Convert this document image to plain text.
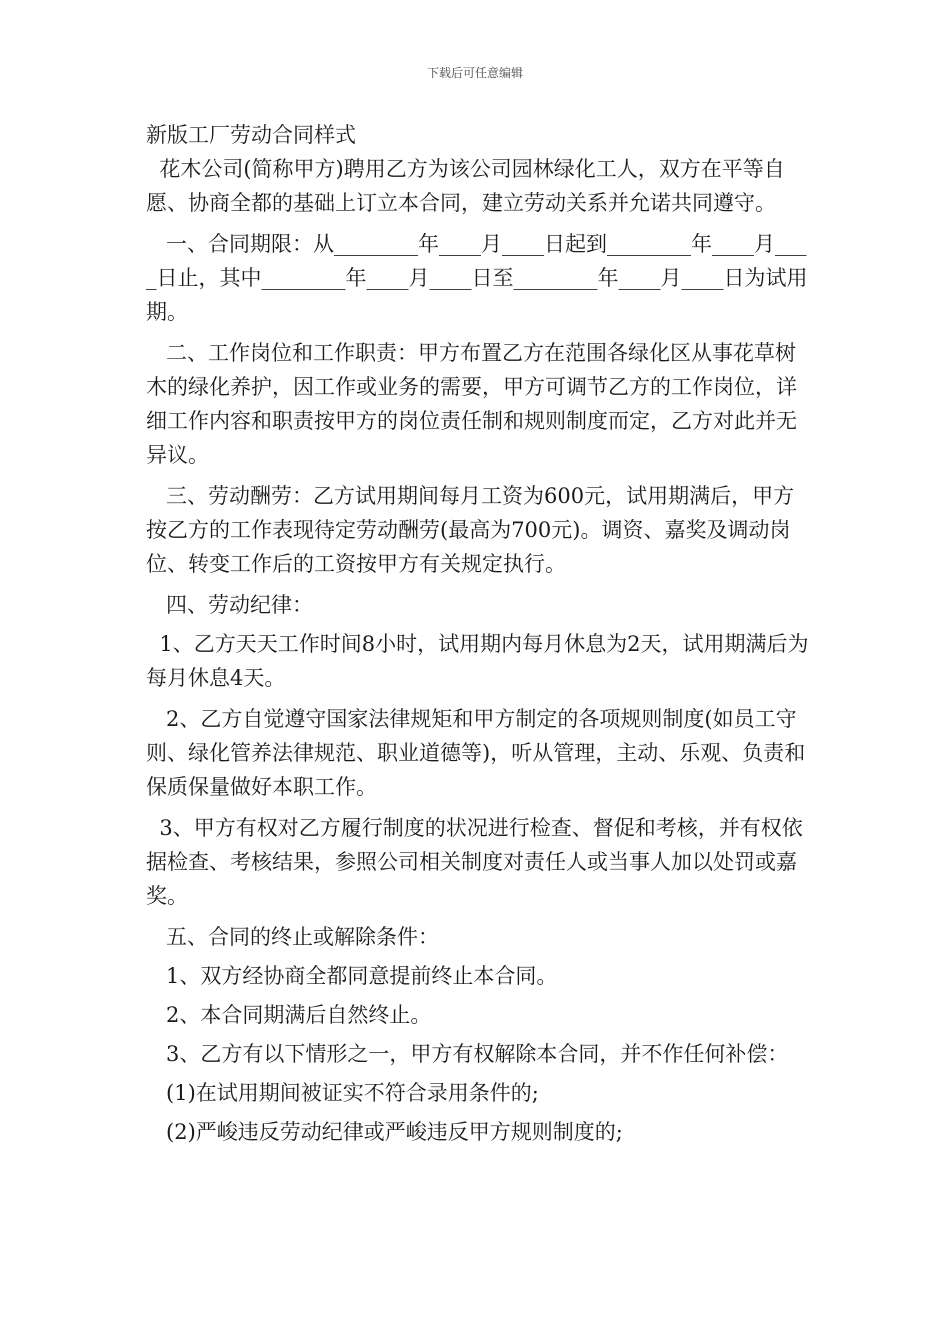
下载后可任意编辑
新版工厂劳动合同样式

花木公司(简称甲方)聘用乙方为该公司园林绿化工人，双方在平等自愿、协商全都的基础上订立本合同，建立劳动关系并允诺共同遵守。

一、合同期限：从________年____月____日起到________年____月____日止，其中________年____月____日至________年____月____日为试用期。

二、工作岗位和工作职责：甲方布置乙方在范围各绿化区从事花草树木的绿化养护，因工作或业务的需要，甲方可调节乙方的工作岗位，详细工作内容和职责按甲方的岗位责任制和规则制度而定，乙方对此并无异议。

三、劳动酬劳：乙方试用期间每月工资为600元，试用期满后，甲方按乙方的工作表现待定劳动酬劳(最高为700元)。调资、嘉奖及调动岗位、转变工作后的工资按甲方有关规定执行。

四、劳动纪律：

1、乙方天天工作时间8小时，试用期内每月休息为2天，试用期满后为每月休息4天。

2、乙方自觉遵守国家法律规矩和甲方制定的各项规则制度(如员工守则、绿化管养法律规范、职业道德等)，听从管理，主动、乐观、负责和保质保量做好本职工作。

3、甲方有权对乙方履行制度的状况进行检查、督促和考核，并有权依据检查、考核结果，参照公司相关制度对责任人或当事人加以处罚或嘉奖。

五、合同的终止或解除条件：

1、双方经协商全都同意提前终止本合同。

2、本合同期满后自然终止。

3、乙方有以下情形之一，甲方有权解除本合同，并不作任何补偿：

(1)在试用期间被证实不符合录用条件的;

(2)严峻违反劳动纪律或严峻违反甲方规则制度的;
